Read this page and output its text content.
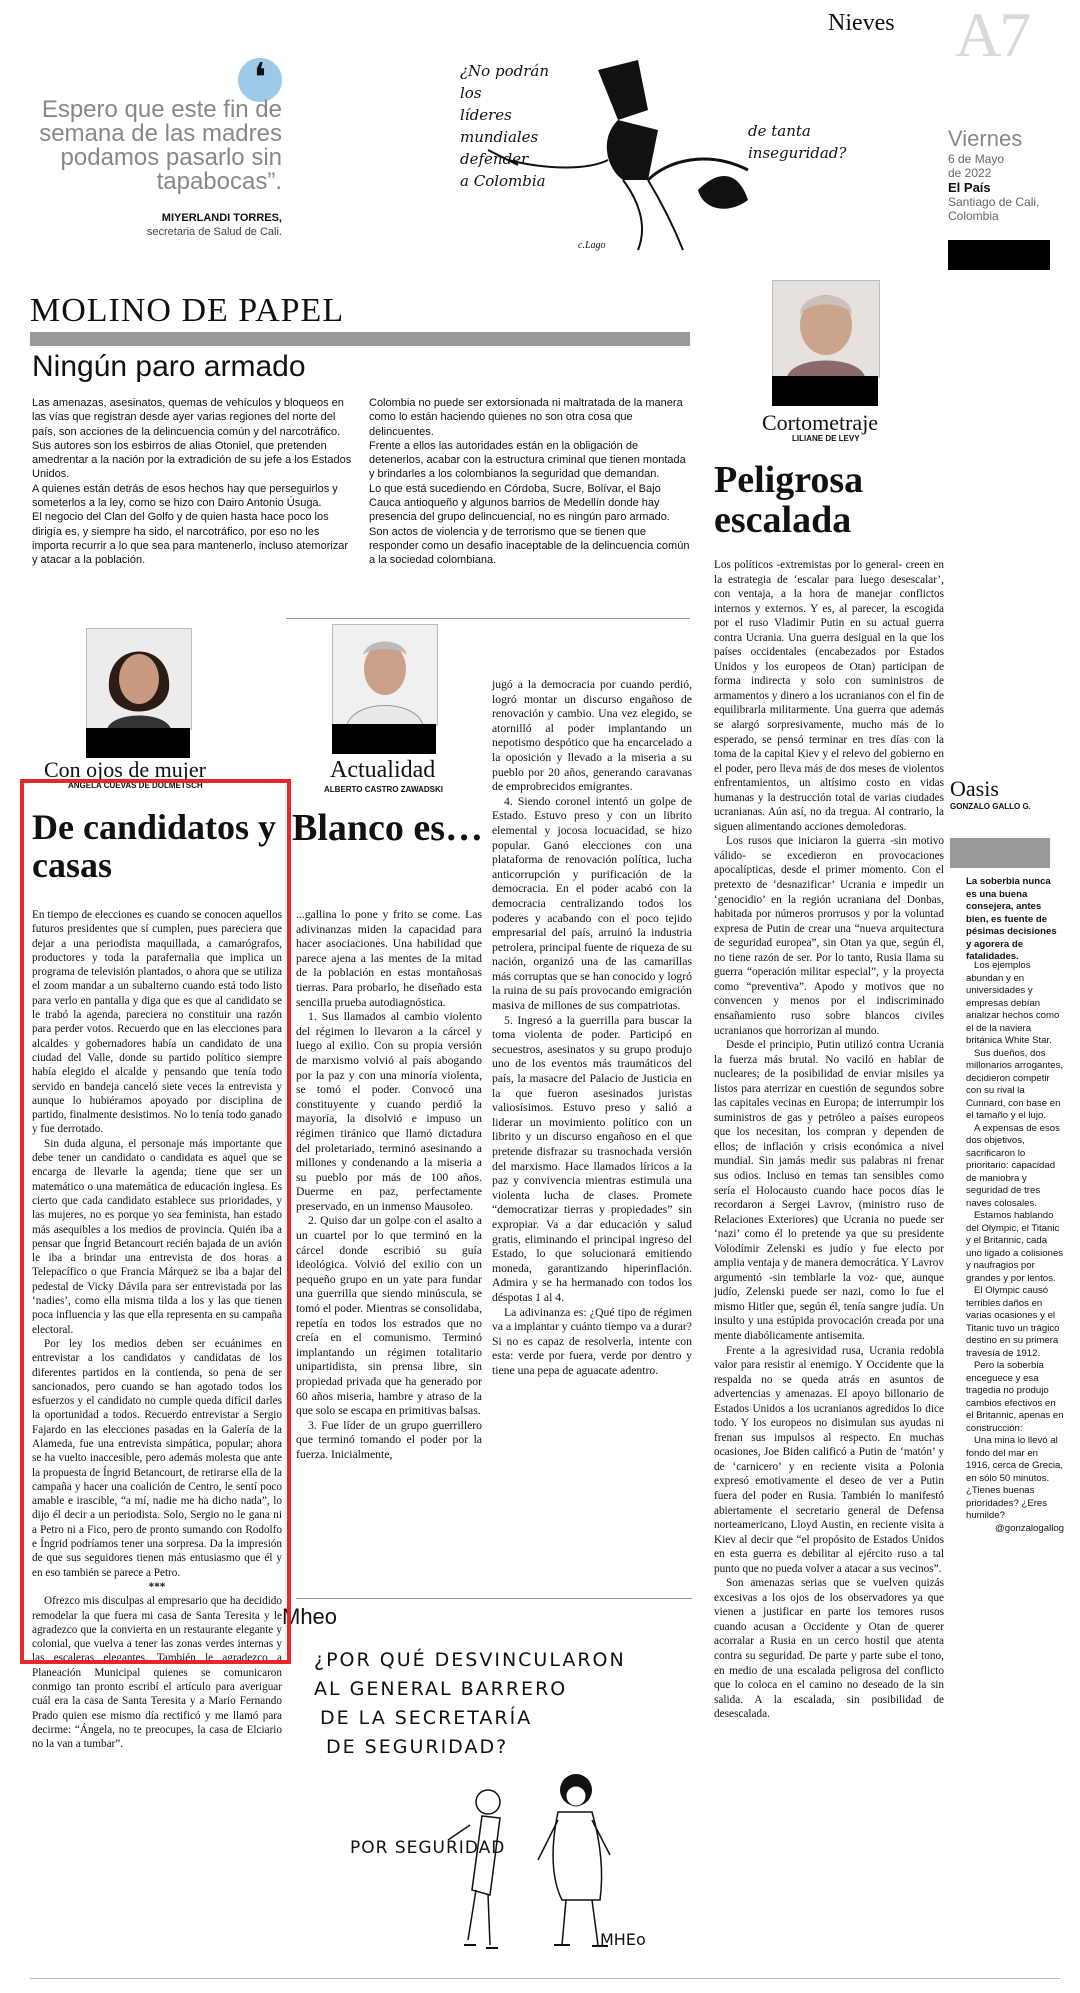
Nieves A7
Viernes
6 de Mayo
de 2022
El País
Santiago de Cali,
Colombia
❛
Espero que este fin de semana de las madres podamos pasarlo sin tapabocas”.
MIYERLANDI TORRES,
secretaria de Salud de Cali.
¿No podrán
los
líderes
mundiales
defender
a Colombia
de tanta
inseguridad?
c.Lago
MOLINO DE PAPEL
Ningún paro armado

Las amenazas, asesinatos, quemas de vehículos y bloqueos en las vías que registran desde ayer varias regiones del norte del país, son acciones de la delincuencia común y del narcotráfico.

Sus autores son los esbirros de alias Otoniel, que pretenden amedrentar a la nación por la extradición de su jefe a los Estados Unidos.

A quienes están detrás de esos hechos hay que perseguirlos y someterlos a la ley, como se hizo con Dairo Antonio Úsuga.

El negocio del Clan del Golfo y de quien hasta hace poco los dirigía es, y siempre ha sido, el narcotráfico, por eso no les importa recurrir a lo que sea para mantenerlo, incluso atemorizar y atacar a la población.

Colombia no puede ser extorsionada ni maltratada de la manera como lo están haciendo quienes no son otra cosa que delincuentes.

Frente a ellos las autoridades están en la obligación de detenerlos, acabar con la estructura criminal que tienen montada y brindarles a los colombianos la seguridad que demandan.

Lo que está sucediendo en Córdoba, Sucre, Bolívar, el Bajo Cauca antioqueño y algunos barrios de Medellín donde hay presencia del grupo delincuencial, no es ningún paro armado.

Son actos de violencia y de terrorismo que se tienen que responder como un desafío inaceptable de la delincuencia común a la sociedad colombiana.

Cortometraje
LILIANE DE LEVY
Peligrosa escalada

Los políticos -extremistas por lo general- creen en la estrategia de ‘escalar para luego desescalar’, con ventaja, a la hora de manejar conflictos internos y externos. Y es, al parecer, la escogida por el ruso Vladimir Putin en su actual guerra contra Ucrania. Una guerra desigual en la que los países occidentales (encabezados por Estados Unidos y los europeos de Otan) participan de forma indirecta y solo con suministros de armamentos y dinero a los ucranianos con el fin de equilibrarla militarmente. Una guerra que además se alargó sorpresivamente, mucho más de lo esperado, se pensó terminar en tres días con la toma de la capital Kiev y el relevo del gobierno en el poder, pero lleva más de dos meses de violentos enfrentamientos, un altísimo costo en vidas humanas y la destrucción total de varias ciudades ucranianas. Aún así, no da tregua. Al contrario, la siguen alimentando acciones demoledoras.

Los rusos que iniciaron la guerra -sin motivo válido- se excedieron en provocaciones apocalípticas, desde el primer momento. Con el pretexto de ‘desnazificar’ Ucrania e impedir un ‘genocidio’ en la región ucraniana del Donbas, habitada por números prorrusos y por la voluntad expresa de Putin de crear una “nueva arquitectura de seguridad europea”, sin Otan ya que, según él, no tiene razón de ser. Por lo tanto, Rusia llama su guerra “operación militar especial”, y la proyecta como “preventiva”. Apodo y motivos que no convencen y menos por el indiscriminado ensañamiento ruso sobre blancos civiles ucranianos que horrorizan al mundo.

Desde el principio, Putin utilizó contra Ucrania la fuerza más brutal. No vaciló en hablar de nucleares; de la posibilidad de enviar misiles ya listos para aterrizar en cuestión de segundos sobre las capitales vecinas en Europa; de interrumpir los suministros de gas y petróleo a países europeos que los necesitan, los compran y dependen de ellos; de inflación y crisis económica a nivel mundial. Sin jamás medir sus palabras ni frenar sus odios. Incluso en temas tan sensibles como sería el Holocausto cuando hace pocos días le recordaron a Sergei Lavrov, (ministro ruso de Relaciones Exteriores) que Ucrania no puede ser ‘nazi’ como él lo pretende ya que su presidente Volodímir Zelenski es judío y fue electo por amplia ventaja y de manera democrática. Y Lavrov argumentó -sin temblarle la voz- que, aunque judío, Zelenski puede ser nazi, como lo fue el mismo Hitler que, según él, tenía sangre judía. Un insulto y una estúpida provocación creada por una mente diabólicamente antisemita.

Frente a la agresividad rusa, Ucrania redobla valor para resistir al enemigo. Y Occidente que la respalda no se queda atrás en asuntos de advertencias y amenazas. El apoyo billonario de Estados Unidos a los ucranianos agredidos lo dice todo. Y los europeos no disimulan sus ayudas ni frenan sus impulsos al respecto. En muchas ocasiones, Joe Biden calificó a Putin de ‘matón’ y de ‘carnicero’ y en reciente visita a Polonia expresó emotivamente el deseo de ver a Putin fuera del poder en Rusia. También lo manifestó abiertamente el secretario general de Defensa norteamericano, Lloyd Austin, en reciente visita a Kiev al decir que “el propósito de Estados Unidos en esta guerra es debilitar al ejército ruso a tal punto que no pueda volver a atacar a sus vecinos”.

Son amenazas serias que se vuelven quizás excesivas a los ojos de los observadores ya que vienen a justificar en parte los temores rusos cuando acusan a Occidente y Otan de querer acorralar a Rusia en un cerco hostil que atenta contra su seguridad. De parte y parte sube el tono, en medio de una escalada peligrosa del conflicto que lo coloca en el camino no deseado de la sin salida. A la escalada, sin posibilidad de desescalada.

Con ojos de mujer
ÁNGELA CUEVAS DE DOLMETSCH
De candidatos y casas

En tiempo de elecciones es cuando se conocen aquellos futuros presidentes que sí cumplen, pues pareciera que dejar a una periodista maquillada, a camarógrafos, productores y toda la parafernalia que implica un programa de televisión plantados, o ahora que se utiliza el zoom mandar a un subalterno cuando está todo listo para verlo en pantalla y diga que es que al candidato se le trabó la agenda, pareciera no constituir una razón para perder votos. Recuerdo que en las elecciones para alcaldes y gobernadores había un candidato de una ciudad del Valle, donde su partido político siempre había elegido el alcalde y pensando que tenía todo servido en bandeja canceló siete veces la entrevista y aunque lo hubiéramos apoyado por disciplina de partido, finalmente desistimos. No lo tenía todo ganado y fue derrotado.

Sin duda alguna, el personaje más importante que debe tener un candidato o candidata es aquel que se encarga de llevarle la agenda; tiene que ser un matemático o una matemática de educación inglesa. Es cierto que cada candidato establece sus prioridades, y las mujeres, no es porque yo sea feminista, han estado más asequibles a los medios de provincia. Quién iba a pensar que Íngrid Betancourt recién bajada de un avión le iba a brindar una entrevista de dos horas a Telepacífico o que Francia Márquez se iba a bajar del pedestal de Vicky Dávila para ser entrevistada por las ‘nadies’, como ella misma tilda a los y las que tienen poca influencia y las que ella representa en su campaña electoral.

Por ley los medios deben ser ecuánimes en entrevistar a los candidatos y candidatas de los diferentes partidos en la contienda, so pena de ser sancionados, pero cuando se han agotado todos los esfuerzos y el candidato no cumple queda difícil darles la oportunidad a todos. Recuerdo entrevistar a Sergio Fajardo en las elecciones pasadas en la Galería de la Alameda, fue una entrevista simpática, popular; ahora se ha vuelto inaccesible, pero además molesta que ante la propuesta de Íngrid Betancourt, de retirarse ella de la campaña y hacer una coalición de Centro, le sentí poco amable e irascible, “a mí, nadie me ha dicho nada”, lo dijo él decir a un periodista. Solo, Sergio no le gana ni a Petro ni a Fico, pero de pronto sumando con Rodolfo e Íngrid podríamos tener una sorpresa. Da la impresión de que sus seguidores tienen más entusiasmo que él y en eso también se parece a Petro.

***

Ofrezco mis disculpas al empresario que ha decidido remodelar la que fuera mi casa de Santa Teresita y le agradezco que la convierta en un restaurante elegante y colonial, que vuelva a tener las zonas verdes internas y las escaleras elegantes. También le agradezco a Planeación Municipal quienes se comunicaron conmigo tan pronto escribí el artículo para averiguar cuál era la casa de Santa Teresita y a Mario Fernando Prado quien ese mismo día rectificó y me llamó para decirme: “Ángela, no te preocupes, la casa de Elciario no la van a tumbar”.

Actualidad
ALBERTO CASTRO ZAWADSKI
Blanco es…

...gallina lo pone y frito se come. Las adivinanzas miden la capacidad para hacer asociaciones. Una habilidad que parece ajena a las mentes de la mitad de la población en estas montañosas tierras. Para probarlo, he diseñado esta sencilla prueba autodiagnóstica.

1. Sus llamados al cambio violento del régimen lo llevaron a la cárcel y luego al exilio. Con su propia versión de marxismo volvió al país abogando por la paz y con una minoría violenta, se tomó el poder. Convocó una constituyente y cuando perdió la mayoría, la disolvió e impuso un régimen tiránico que llamó dictadura del proletariado, terminó asesinando a millones y condenando a la miseria a su pueblo por más de 100 años. Duerme en paz, perfectamente preservado, en un inmenso Mausoleo.

2. Quiso dar un golpe con el asalto a un cuartel por lo que terminó en la cárcel donde escribió su guía ideológica. Volvió del exilio con un pequeño grupo en un yate para fundar una guerrilla que siendo minúscula, se tomó el poder. Mientras se consolidaba, repetía en todos los estrados que no creía en el comunismo. Terminó implantando un régimen totalitario unipartidista, sin prensa libre, sin propiedad privada que ha generado por 60 años miseria, hambre y atraso de la que solo se escapa en primitivas balsas.

3. Fue líder de un grupo guerrillero que terminó tomando el poder por la fuerza. Inicialmente,

jugó a la democracia por cuando perdió, logró montar un discurso engañoso de renovación y cambio. Una vez elegido, se atornilló al poder implantando un nepotismo despótico que ha encarcelado a la oposición y llevado a la miseria a su pueblo por 20 años, generando caravanas de emprobrecidos emigrantes.

4. Siendo coronel intentó un golpe de Estado. Estuvo preso y con un librito elemental y jocosa locuacidad, se hizo popular. Ganó elecciones con una plataforma de renovación política, lucha anticorrupción y purificación de la democracia. En el poder acabó con la democracia centralizando todos los poderes y acabando con el poco tejido empresarial del país, arruinó la industria petrolera, principal fuente de riqueza de su nación, organizó una de las camarillas más corruptas que se han conocido y logró la ruina de su país provocando emigración masiva de millones de sus compatriotas.

5. Ingresó a la guerrilla para buscar la toma violenta de poder. Participó en secuestros, asesinatos y su grupo produjo uno de los eventos más traumáticos del país, la masacre del Palacio de Justicia en la que fueron asesinados juristas valiosísimos. Estuvo preso y salió a liderar un movimiento político con un librito y un discurso engañoso en el que pretende disfrazar su trasnochada versión del marxismo. Hace llamados líricos a la paz y convivencia mientras estimula una violenta lucha de clases. Promete “democratizar tierras y propiedades” sin expropiar. Va a dar educación y salud gratis, eliminando el principal ingreso del Estado, lo que solucionará emitiendo moneda, garantizando hiperinflación. Admira y se ha hermanado con todos los déspotas 1 al 4.

La adivinanza es: ¿Qué tipo de régimen va a implantar y cuánto tiempo va a durar? Si no es capaz de resolverla, intente con esta: verde por fuera, verde por dentro y tiene una pepa de aguacate adentro.

Mheo
¿POR QUÉ DESVINCULARON
AL GENERAL BARRERO
DE LA SECRETARÍA
DE SEGURIDAD?
POR SEGURIDAD
MHEo
Oasis
GONZALO GALLO G.
La soberbia nunca es una buena consejera, antes bien, es fuente de pésimas decisiones y agorera de fatalidades.

Los ejemplos abundan y en universidades y empresas debían analizar hechos como el de la naviera británica White Star.

Sus dueños, dos millonarios arrogantes, decidieron competir con su rival la Cunnard, con base en el tamaño y el lujo.

A expensas de esos dos objetivos, sacrificaron lo prioritario: capacidad de maniobra y seguridad de tres naves colosales.

Estamos hablando del Olympic, el Titanic y el Britannic, cada uno ligado a colisiones y naufragios por grandes y por lentos.

El Olympic causó terribles daños en varias ocasiones y el Titanic tuvo un trágico destino en su primera travesía de 1912.

Pero la soberbia enceguece y esa tragedia no produjo cambios efectivos en el Britannic, apenas en construcción:

Una mina lo llevó al fondo del mar en 1916, cerca de Grecia, en sólo 50 minutos. ¿Tienes buenas prioridades? ¿Eres humilde?

@gonzalogallog
